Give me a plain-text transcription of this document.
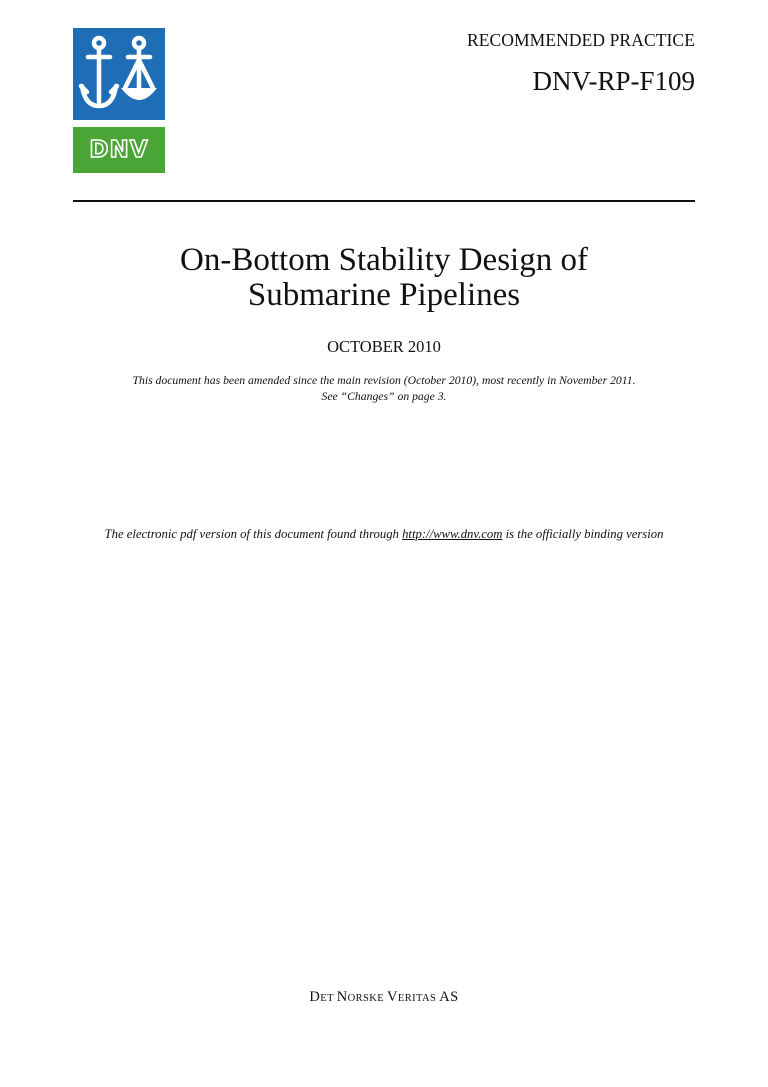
DNV
RECOMMENDED PRACTICE
DNV-RP-F109
On-Bottom Stability Design of
Submarine Pipelines
OCTOBER 2010
This document has been amended since the main revision (October 2010), most recently in November 2011.
See “Changes” on page 3.
The electronic pdf version of this document found through http://www.dnv.com is the officially binding version
DET NORSKE VERITAS AS
